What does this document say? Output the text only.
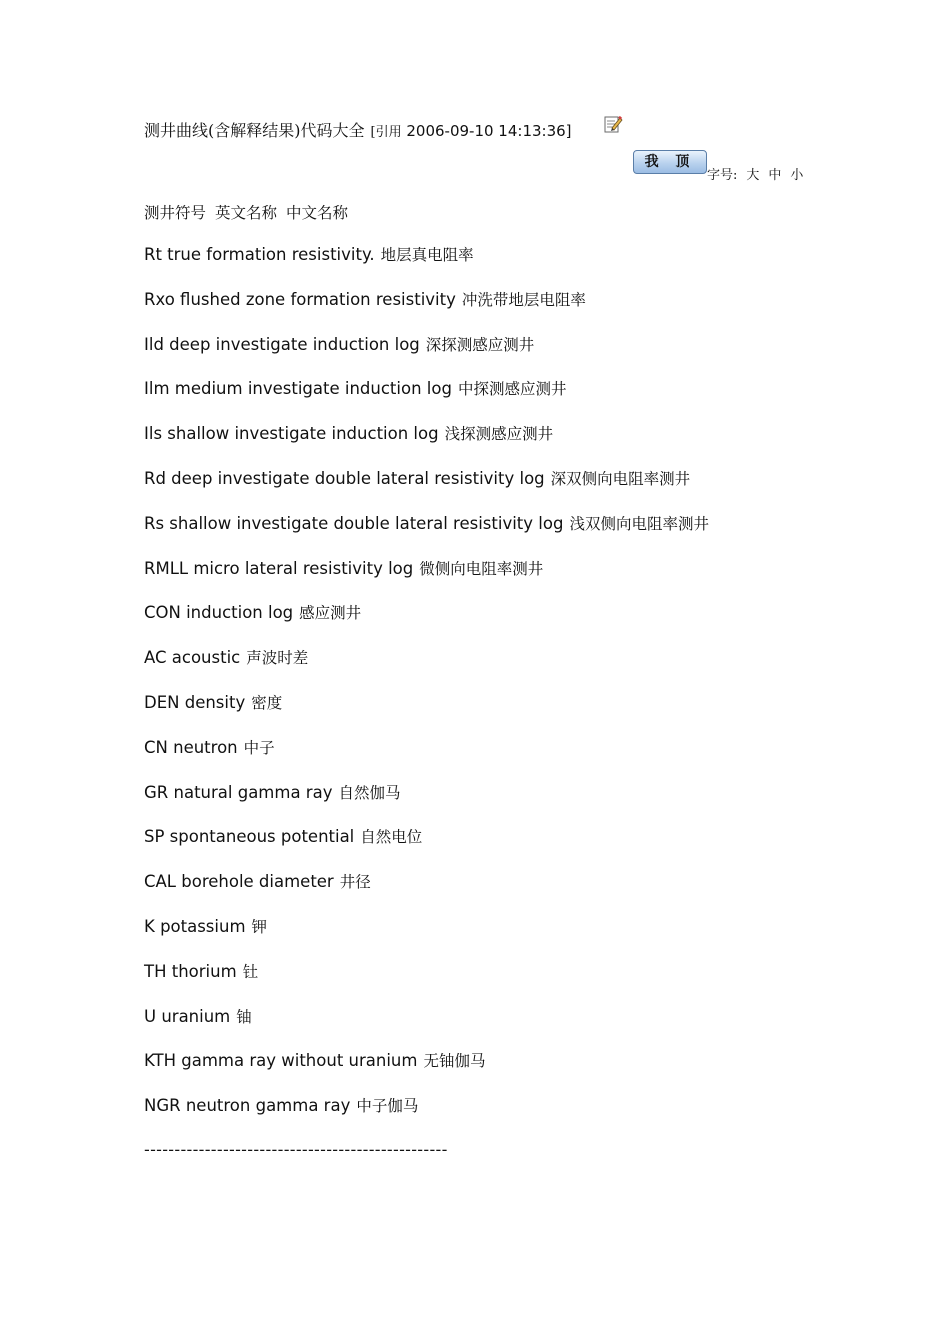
测井曲线(含解释结果)代码大全 [引用 2006-09-10 14:13:36]
我 顶
字号: 大 中 小
测井符号 英文名称 中文名称
Rt true formation resistivity. 地层真电阻率
Rxo flushed zone formation resistivity 冲洗带地层电阻率
Ild deep investigate induction log 深探测感应测井
Ilm medium investigate induction log 中探测感应测井
Ils shallow investigate induction log 浅探测感应测井
Rd deep investigate double lateral resistivity log 深双侧向电阻率测井
Rs shallow investigate double lateral resistivity log 浅双侧向电阻率测井
RMLL micro lateral resistivity log 微侧向电阻率测井
CON induction log 感应测井
AC acoustic 声波时差
DEN density 密度
CN neutron 中子
GR natural gamma ray 自然伽马
SP spontaneous potential 自然电位
CAL borehole diameter 井径
K potassium 钾
TH thorium 钍
U uranium 铀
KTH gamma ray without uranium 无铀伽马
NGR neutron gamma ray 中子伽马
--------------------------------------------------
